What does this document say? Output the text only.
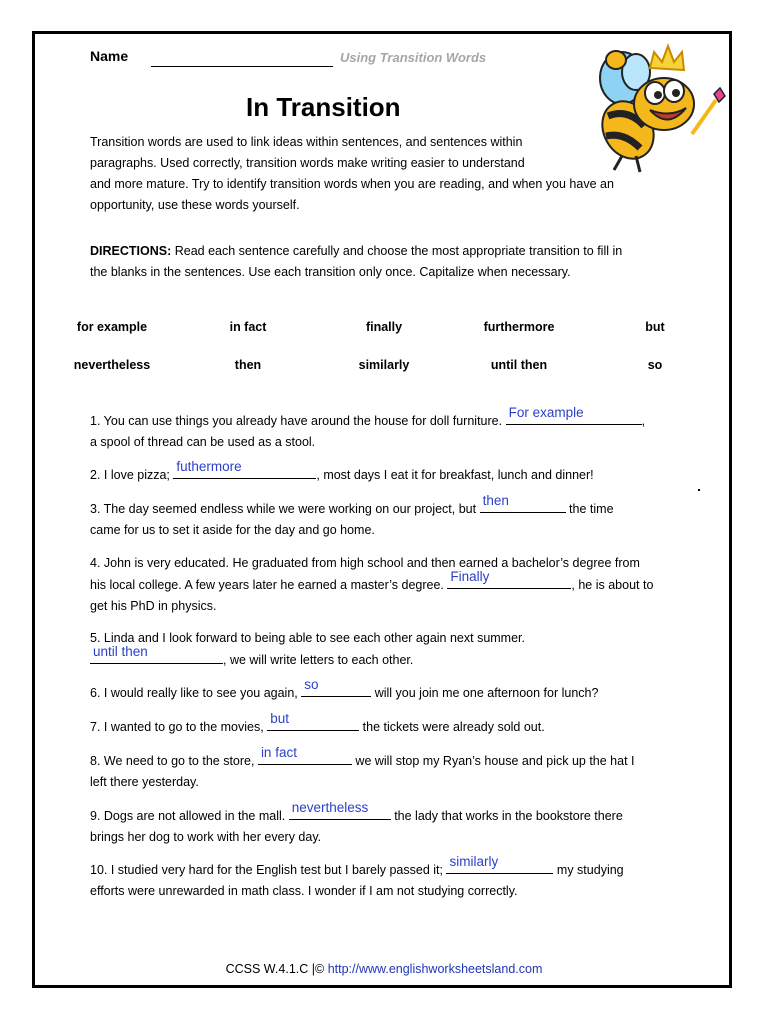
Name	Using Transition Words
In Transition
Transition words are used to link ideas within sentences, and sentences within
paragraphs. Used correctly, transition words make writing easier to understand
and more mature. Try to identify transition words when you are reading, and when you have an
opportunity, use these words yourself.
DIRECTIONS: Read each sentence carefully and choose the most appropriate transition to fill in
the blanks in the sentences. Use each transition only once. Capitalize when necessary.
for example	in fact	finally	furthermore	but
nevertheless	then	similarly	until then	so
1. You can use things you already have around the house for doll furniture.
For example
,
a spool of thread can be used as a stool.
2. I love pizza;
futhermore
, most days I eat it for breakfast, lunch and dinner!
3. The day seemed endless while we were working on our project, but
then
the time
came for us to set it aside for the day and go home.
4. John is very educated. He graduated from high school and then earned a bachelor’s degree from
his local college. A few years later he earned a master’s degree.
Finally
, he is about to
get his PhD in physics.
5. Linda and I look forward to being able to see each other again next summer.

until then
, we will write letters to each other.
6. I would really like to see you again,
so
will you join me one afternoon for lunch?
7. I wanted to go to the movies,
but
the tickets were already sold out.
8. We need to go to the store,
in fact
we will stop my Ryan’s house and pick up the hat I
left there yesterday.
9. Dogs are not allowed in the mall.
nevertheless
the lady that works in the bookstore there
brings her dog to work with her every day.
10. I studied very hard for the English test but I barely passed it;
similarly
my studying
efforts were unrewarded in math class. I wonder if I am not studying correctly.
CCSS W.4.1.C |© http://www.englishworksheetsland.com
